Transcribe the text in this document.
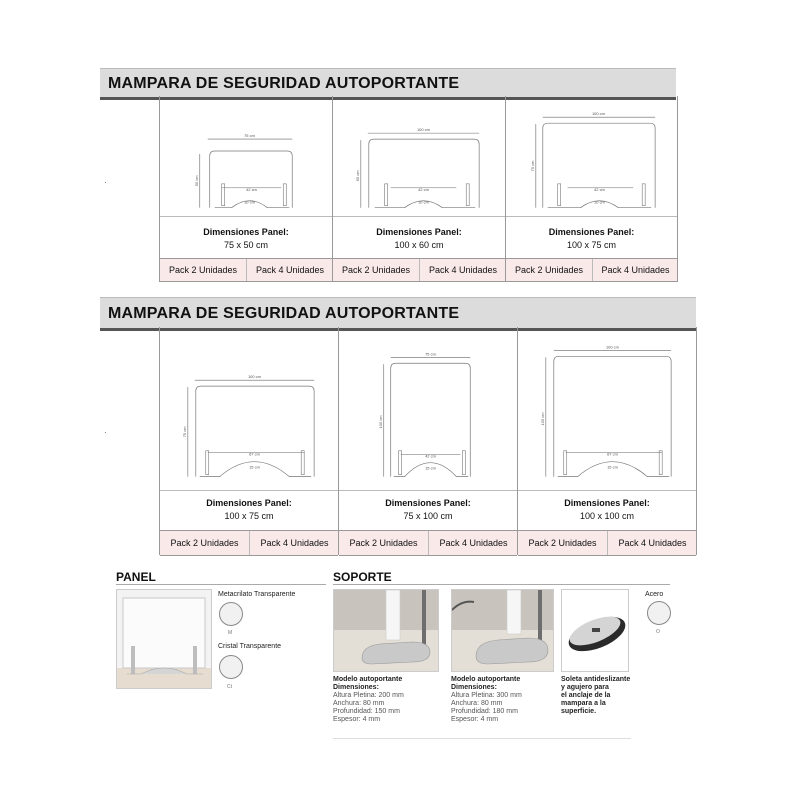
MAMPARA DE SEGURIDAD AUTOPORTANTE
·
75 cm
50 cm
42 cm
10 cm
Dimensiones Panel:
75 x 50 cm
Pack 2 Unidades	Pack 4 Unidades
100 cm
60 cm
42 cm
10 cm
Dimensiones Panel:
100 x 60 cm
Pack 2 Unidades	Pack 4 Unidades
100 cm
75 cm
42 cm
10 cm
Dimensiones Panel:
100 x 75 cm
Pack 2 Unidades	Pack 4 Unidades
MAMPARA DE SEGURIDAD AUTOPORTANTE
·
100 cm
75 cm
67 cm
15 cm
Dimensiones Panel:
100 x 75 cm
Pack 2 Unidades	Pack 4 Unidades
75 cm
100 cm
42 cm
15 cm
Dimensiones Panel:
75 x 100 cm
Pack 2 Unidades	Pack 4 Unidades
100 cm
100 cm
67 cm
15 cm
Dimensiones Panel:
100 x 100 cm
Pack 2 Unidades	Pack 4 Unidades
PANEL
Metacrilato Transparente
M
Cristal Transparente
Ct
SOPORTE
Acero
O
Modelo autoportante
Dimensiones:
Altura Pletina: 200 mm
Anchura: 80 mm
Profundidad: 150 mm
Espesor: 4 mm
Modelo autoportante
Dimensiones:
Altura Pletina: 300 mm
Anchura: 80 mm
Profundidad: 180 mm
Espesor: 4 mm
Soleta antideslizante
y agujero para
el anclaje de la
mampara a la
superficie.
